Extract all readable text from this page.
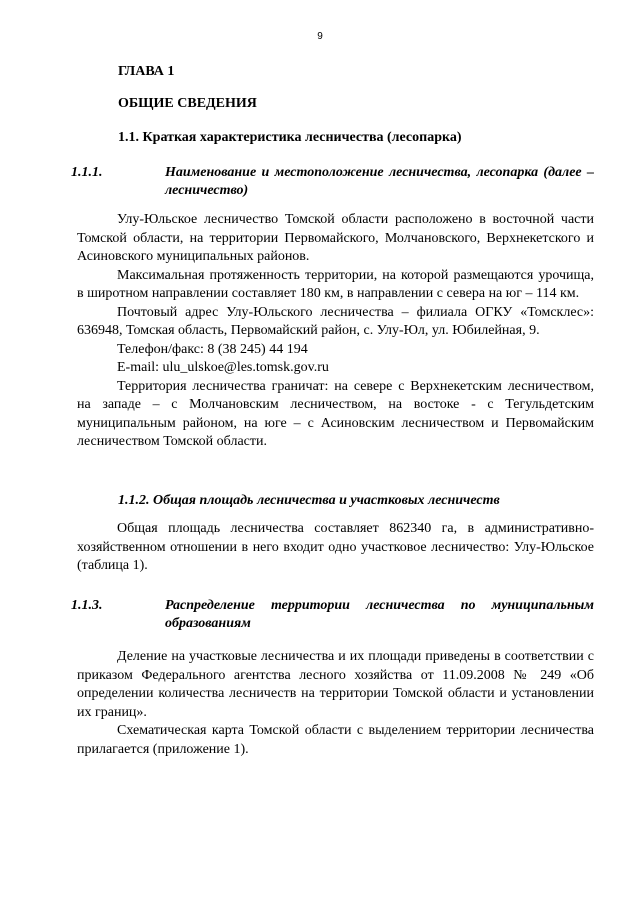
9
ГЛАВА 1
ОБЩИЕ СВЕДЕНИЯ
1.1. Краткая характеристика лесничества (лесопарка)
1.1.1.	Наименование и местоположение лесничества, лесопарка (далее – лесничество)

Улу-Юльское лесничество Томской области расположено в восточной части Томской области, на территории Первомайского, Молчановского, Верхнекетского и Асиновского муниципальных районов.

Максимальная протяженность территории, на которой размещаются урочища, в широтном направлении составляет 180 км, в направлении с севера на юг – 114 км.

Почтовый адрес Улу-Юльского лесничества – филиала ОГКУ «Томсклес»: 636948, Томская область, Первомайский район, с. Улу-Юл, ул. Юбилейная, 9.

Телефон/факс: 8 (38 245) 44 194

E-mail: ulu_ulskoe@les.tomsk.gov.ru

Территория лесничества граничат: на севере с Верхнекетским лесничеством, на западе – с Молчановским лесничеством, на востоке - с Тегульдетским муниципальным районом, на юге – с Асиновским лесничеством и Первомайским лесничеством Томской области.

1.1.2. Общая площадь лесничества и участковых лесничеств

Общая площадь лесничества составляет 862340 га, в административно-хозяйственном отношении в него входит одно участковое лесничество: Улу-Юльское (таблица 1).

1.1.3.	Распределение территории лесничества по муниципальным образованиям

Деление на участковые лесничества и их площади приведены в соответствии с приказом Федерального агентства лесного хозяйства от 11.09.2008 № 249 «Об определении количества лесничеств на территории Томской области и установлении их границ».

Схематическая карта Томской области с выделением территории лесничества прилагается (приложение 1).
